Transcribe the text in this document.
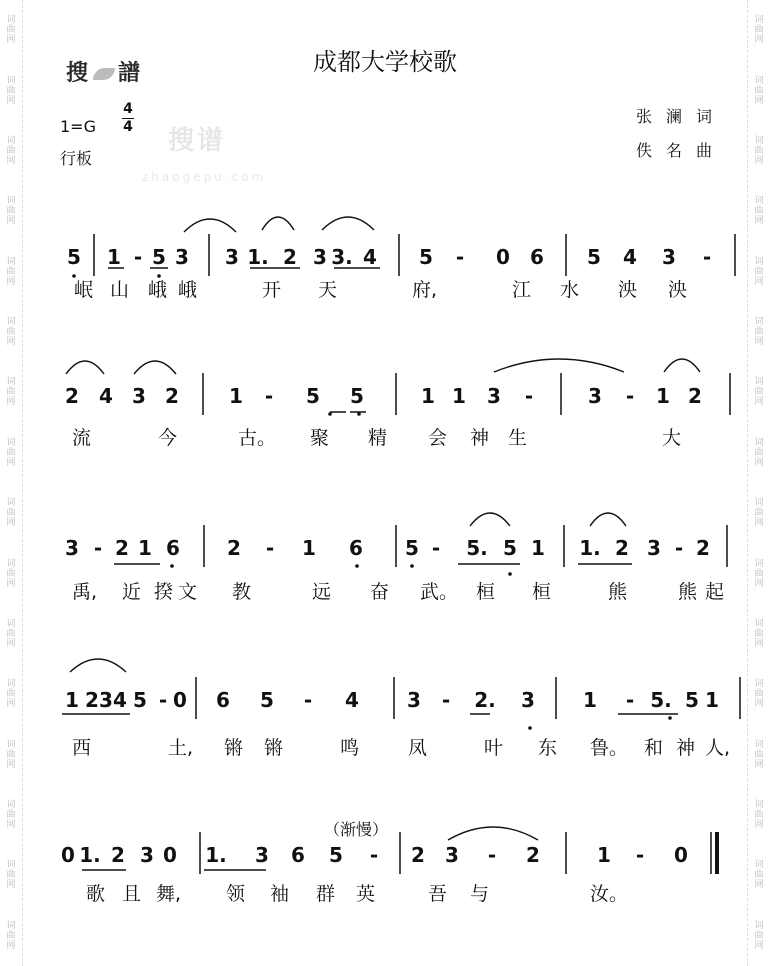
词
曲
网
词
曲
网
词
曲
网
词
曲
网
词
曲
网
词
曲
网
词
曲
网
词
曲
网
词
曲
网
词
曲
网
词
曲
网
词
曲
网
词
曲
网
词
曲
网
词
曲
网
词
曲
网
词
曲
网
词
曲
网
词
曲
网
词
曲
网
词
曲
网
词
曲
网
词
曲
网
词
曲
网
词
曲
网
词
曲
网
词
曲
网
词
曲
网
词
曲
网
词
曲
网
词
曲
网
词
曲
网
搜谱
zhaogepu.com
搜 譜	成都大学校歌
1=G
4
4
行板
张澜词
佚名曲
5 1 - 5 3 3 1. 2 3 3. 4 5 - 0 6 5 4 3 -
2 4 3 2	1 - 5 5	1 1 3 -	3 - 1 2
3 - 2 1 6 2 - 1 6 5 - 5. 5 1 1. 2 3 - 2
1 2 3 4 5 - 0 6 5 - 4 3 - 2. 3 1 - 5. 5 1
0 1. 2 3 0 1. 3 6 5 - 2 3 - 2	1 - 0
岷 山 峨 峨	开 天	府,	江 水 泱 泱
流	今	古。 聚 精 会 神 生	大
禹, 近 揆 文 教	远 奋 武。 桓 桓	熊	熊 起
西	土, 锵 锵	鸣	凤	叶 东 鲁。 和 神 人,
歌 且 舞, 领 袖 群 英	吾 与	汝。
（渐慢）
